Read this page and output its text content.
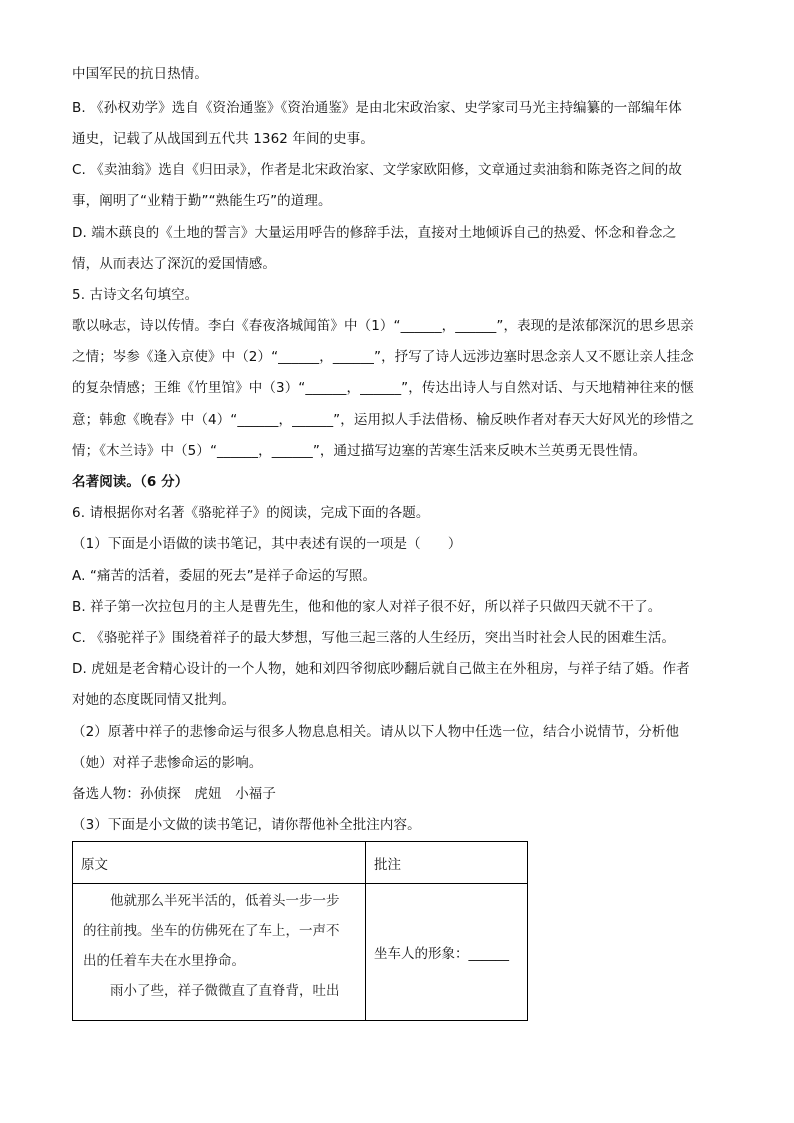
中国军民的抗日热情。
B. 《孙权劝学》选自《资治通鉴》《资治通鉴》是由北宋政治家、史学家司马光主持编纂的一部编年体
通史，记载了从战国到五代共 1362 年间的史事。
C. 《卖油翁》选自《归田录》，作者是北宋政治家、文学家欧阳修，文章通过卖油翁和陈尧咨之间的故
事，阐明了“业精于勤”“熟能生巧”的道理。
D. 端木蕻良的《土地的誓言》大量运用呼告的修辞手法，直接对土地倾诉自己的热爱、怀念和眷念之
情，从而表达了深沉的爱国情感。
5. 古诗文名句填空。
歌以咏志，诗以传情。李白《春夜洛城闻笛》中（1）“______，______”，表现的是浓郁深沉的思乡思亲
之情；岑参《逢入京使》中（2）“______，______”，抒写了诗人远涉边塞时思念亲人又不愿让亲人挂念
的复杂情感；王维《竹里馆》中（3）“______，______”，传达出诗人与自然对话、与天地精神往来的惬
意；韩愈《晚春》中（4）“______，______”，运用拟人手法借杨、榆反映作者对春天大好风光的珍惜之
情；《木兰诗》中（5）“______，______”，通过描写边塞的苦寒生活来反映木兰英勇无畏性情。
名著阅读。（6 分）
6. 请根据你对名著《骆驼祥子》的阅读，完成下面的各题。
（1）下面是小语做的读书笔记，其中表述有误的一项是（　　）
A. “痛苦的活着，委屈的死去”是祥子命运的写照。
B. 祥子第一次拉包月的主人是曹先生，他和他的家人对祥子很不好，所以祥子只做四天就不干了。
C. 《骆驼祥子》围绕着祥子的最大梦想，写他三起三落的人生经历，突出当时社会人民的困难生活。
D. 虎妞是老舍精心设计的一个人物，她和刘四爷彻底吵翻后就自己做主在外租房，与祥子结了婚。作者
对她的态度既同情又批判。
（2）原著中祥子的悲惨命运与很多人物息息相关。请从以下人物中任选一位，结合小说情节，分析他
（她）对祥子悲惨命运的影响。
备选人物：孙侦探　虎妞　小福子
（3）下面是小文做的读书笔记，请你帮他补全批注内容。
原文	批注

　　他就那么半死半活的，低着头一步一步

的往前拽。坐车的仿佛死在了车上，一声不

出的任着车夫在水里挣命。

　　雨小了些，祥子微微直了直脊背，吐出	坐车人的形象：______
